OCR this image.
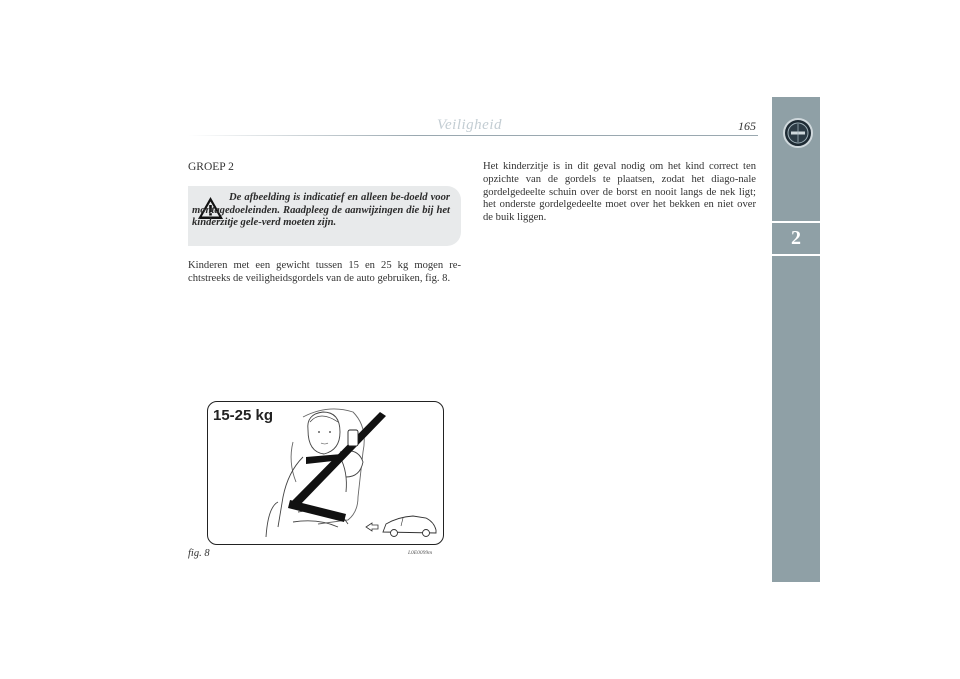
Veiligheid	165
2
GROEP 2
De afbeelding is indicatief en alleen be-doeld voor montagedoeleinden. Raadpleeg de aanwijzingen die bij het kinderzitje gele-verd moeten zijn.
Kinderen met een gewicht tussen 15 en 25 kg mogen re-chtstreeks de veiligheidsgordels van de auto gebruiken, fig. 8.
Het kinderzitje is in dit geval nodig om het kind correct ten opzichte van de gordels te plaatsen, zodat het diago-nale gordelgedeelte schuin over de borst en nooit langs de nek ligt; het onderste gordelgedeelte moet over het bekken en niet over de buik liggen.
15-25 kg
fig. 8	L0E0099m
